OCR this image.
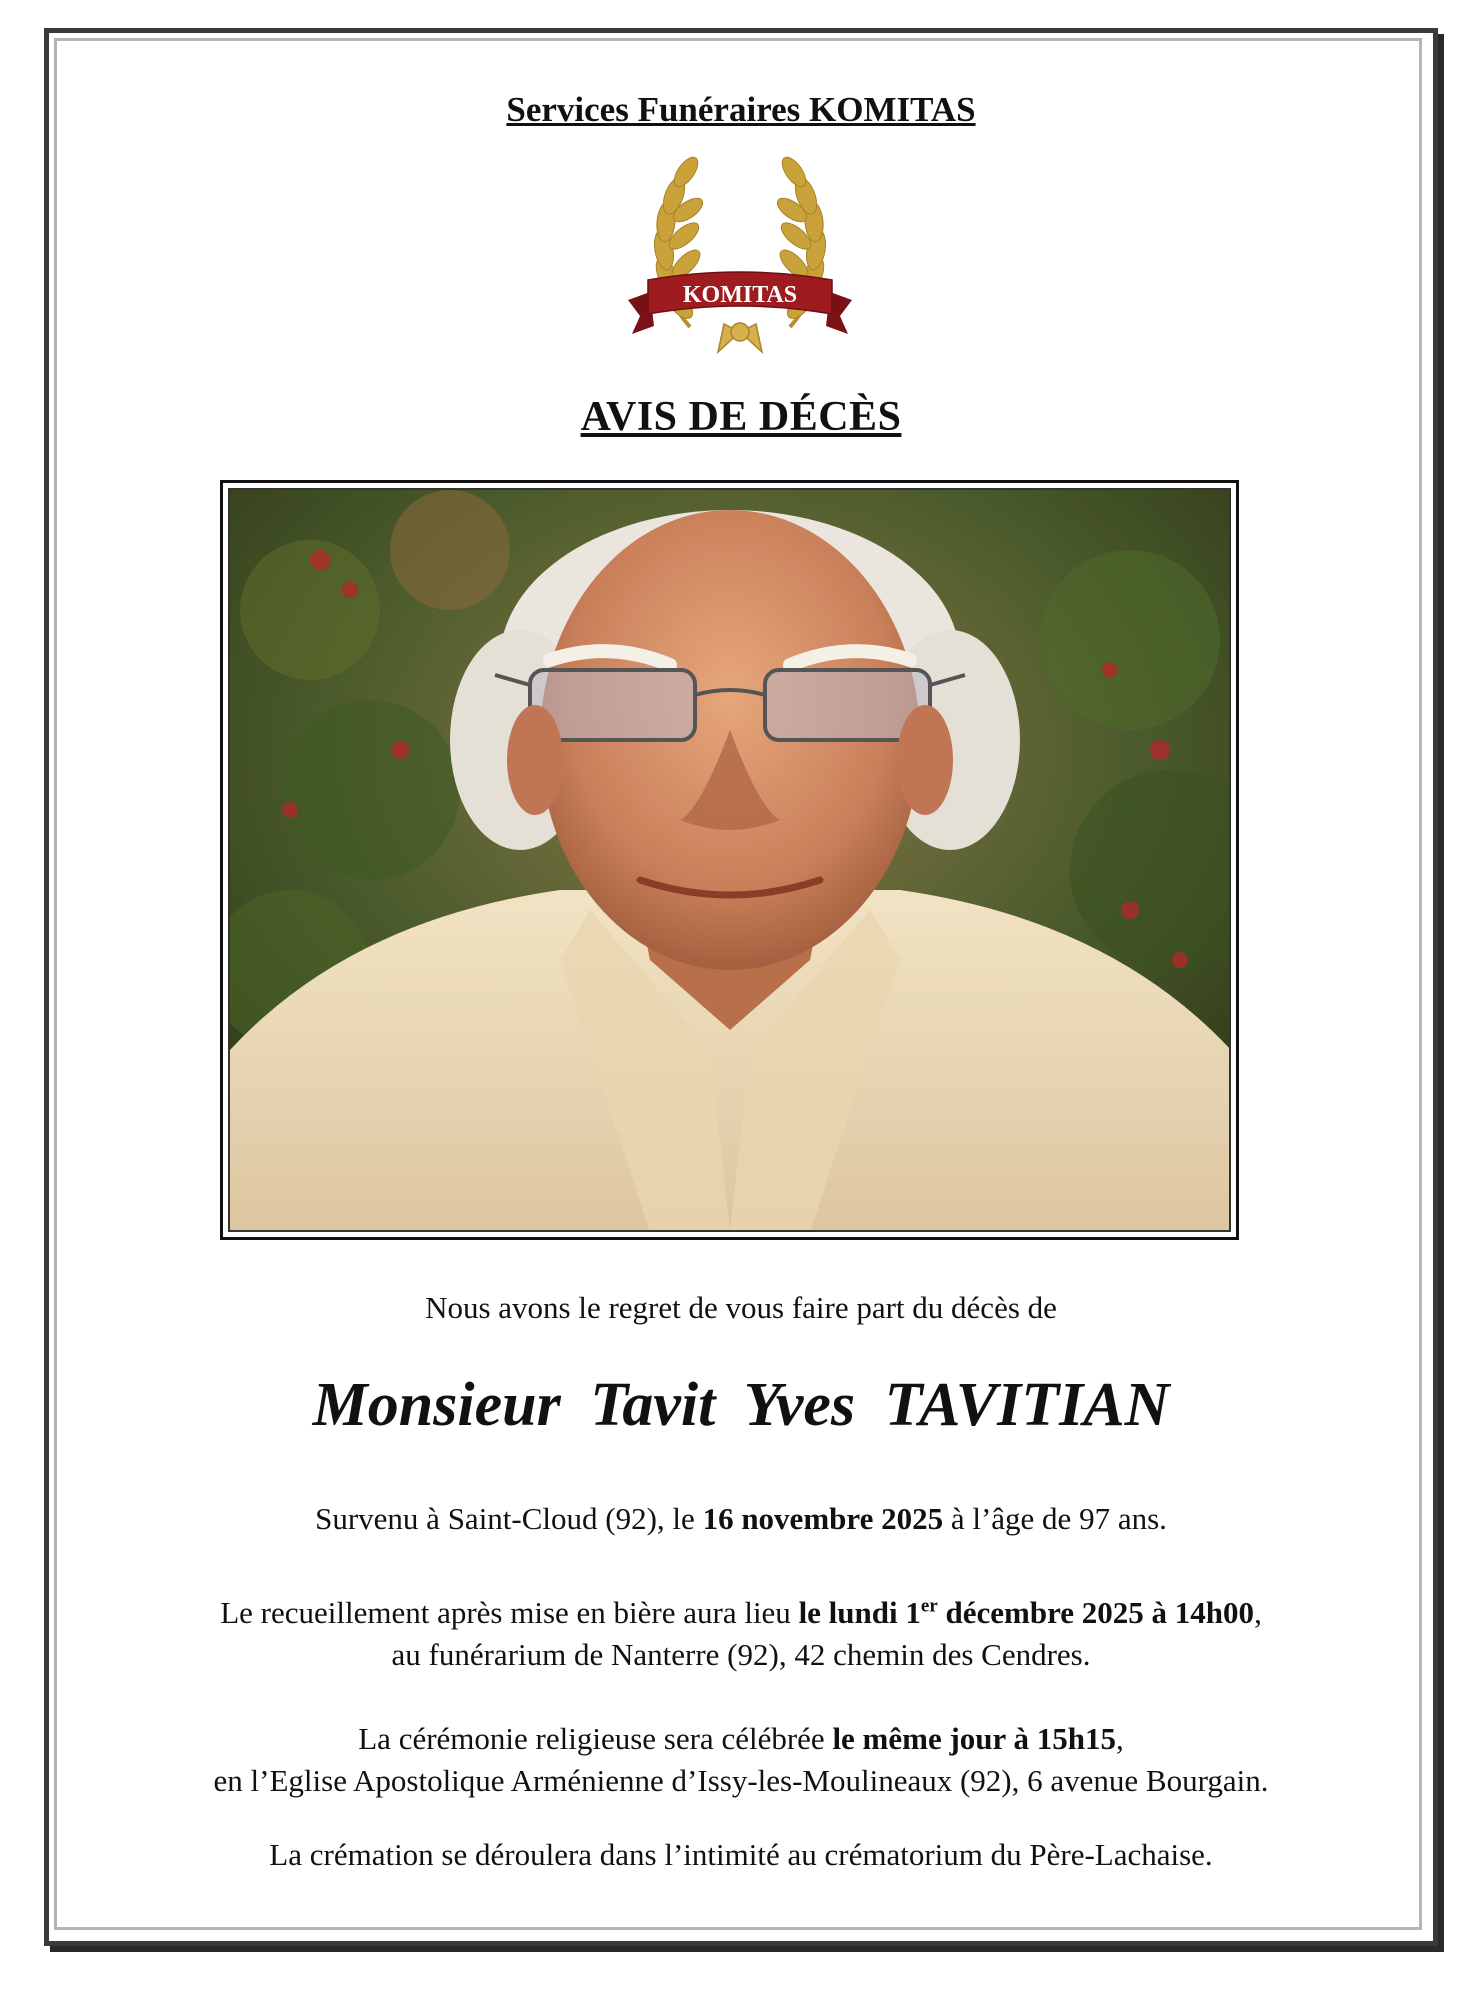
Services Funéraires KOMITAS
KOMITAS
AVIS DE DÉCÈS
Nous avons le regret de vous faire part du décès de
Monsieur Tavit Yves TAVITIAN
Survenu à Saint-Cloud (92), le 16 novembre 2025 à l’âge de 97 ans.
Le recueillement après mise en bière aura lieu le lundi 1er décembre 2025 à 14h00,
au funérarium de Nanterre (92), 42 chemin des Cendres.
La cérémonie religieuse sera célébrée le même jour à 15h15,
en l’Eglise Apostolique Arménienne d’Issy-les-Moulineaux (92), 6 avenue Bourgain.
La crémation se déroulera dans l’intimité au crématorium du Père-Lachaise.
